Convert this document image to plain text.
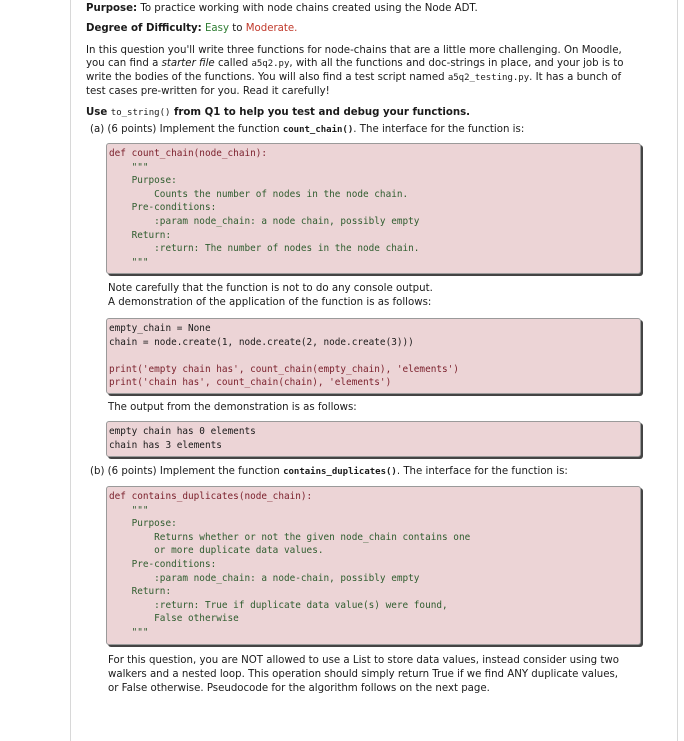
Purpose: To practice working with node chains created using the Node ADT.
Degree of Difficulty: Easy to Moderate.
In this question you'll write three functions for node-chains that are a little more challenging. On Moodle,
you can find a starter file called a5q2.py, with all the functions and doc-strings in place, and your job is to
write the bodies of the functions. You will also find a test script named a5q2_testing.py. It has a bunch of
test cases pre-written for you. Read it carefully!
Use to_string() from Q1 to help you test and debug your functions.
(a) (6 points) Implement the function count_chain(). The interface for the function is:
def count_chain(node_chain):
"""
Purpose:
Counts the number of nodes in the node chain.
Pre-conditions:
:param node_chain: a node chain, possibly empty
Return:
:return: The number of nodes in the node chain.
"""
Note carefully that the function is not to do any console output.
A demonstration of the application of the function is as follows:
empty_chain = None
chain = node.create(1, node.create(2, node.create(3)))
print('empty chain has', count_chain(empty_chain), 'elements')
print('chain has', count_chain(chain), 'elements')
The output from the demonstration is as follows:
empty chain has 0 elements
chain has 3 elements
(b) (6 points) Implement the function contains_duplicates(). The interface for the function is:
def contains_duplicates(node_chain):
"""
Purpose:
Returns whether or not the given node_chain contains one
or more duplicate data values.
Pre-conditions:
:param node_chain: a node-chain, possibly empty
Return:
:return: True if duplicate data value(s) were found,
False otherwise
"""
For this question, you are NOT allowed to use a List to store data values, instead consider using two
walkers and a nested loop. This operation should simply return True if we find ANY duplicate values,
or False otherwise. Pseudocode for the algorithm follows on the next page.
